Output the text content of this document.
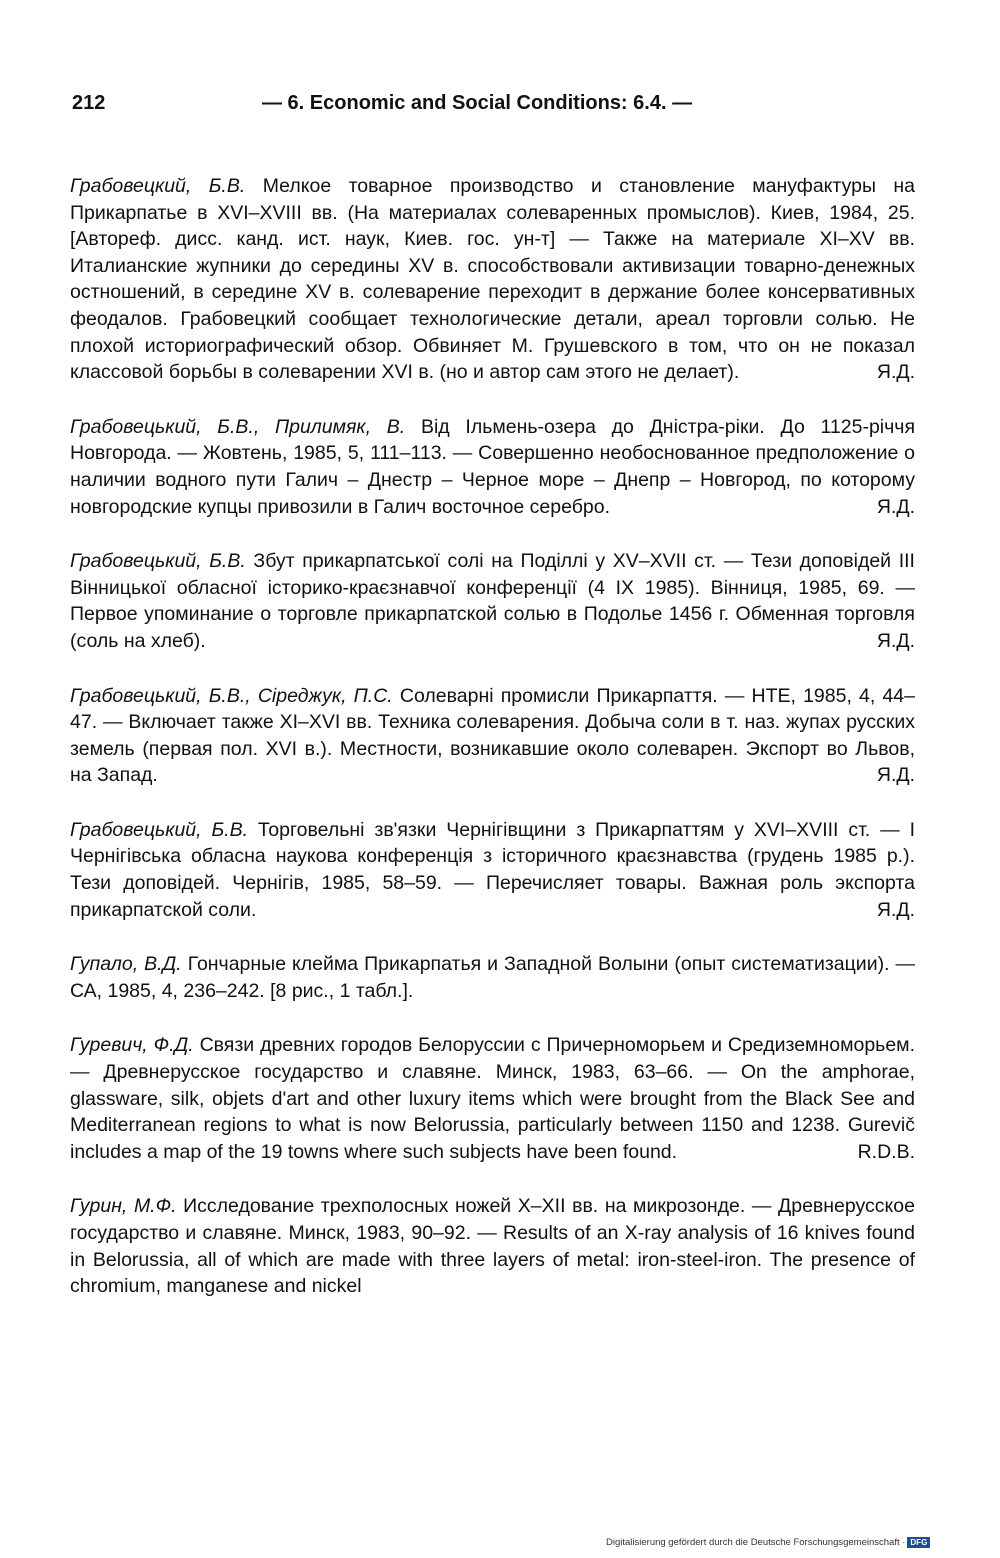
212	— 6. Economic and Social Conditions: 6.4. —

Грабовецкий, Б.В. Мелкое товарное производство и становление мануфактуры на Прикарпатье в XVI–XVIII вв. (На материалах солеваренных промыслов). Киев, 1984, 25. [Автореф. дисс. канд. ист. наук, Киев. гос. ун-т] — Также на материале XI–XV вв. Италианские жупники до середины XV в. способствовали активизации товарно-денежных остношений, в середине XV в. солеварение переходит в держание более консервативных феодалов. Грабовецкий сообщает технологические детали, ареал торговли солью. Не плохой историографический обзор. Обвиняет М. Грушевского в том, что он не показал классовой борьбы в солеварении XVI в. (но и автор сам этого не делает).	Я.Д.

Грабовецький, Б.В., Прилимяк, В. Від Ільмень-озера до Дністра-ріки. До 1125-річчя Новгорода. — Жовтень, 1985, 5, 111–113. — Совершенно необоснованное предположение о наличии водного пути Галич – Днестр – Черное море – Днепр – Новгород, по которому новгородские купцы привозили в Галич восточное серебро.	Я.Д.

Грабовецький, Б.В. Збут прикарпатської солі на Поділлі у XV–XVII ст. — Тези доповідей III Вінницької обласної історико-краєзнавчої конференції (4 IX 1985). Вінниця, 1985, 69. — Первое упоминание о торговле прикарпатской солью в Подолье 1456 г. Обменная торговля (соль на хлеб).	Я.Д.

Грабовецький, Б.В., Сіреджук, П.С. Солеварні промисли Прикарпаття. — НТЕ, 1985, 4, 44–47. — Включает также XI–XVI вв. Техника солеварения. Добыча соли в т. наз. жупах русских земель (первая пол. XVI в.). Местности, возникавшие около солеварен. Экспорт во Львов, на Запад.	Я.Д.

Грабовецький, Б.В. Торговельні зв'язки Чернігівщини з Прикарпаттям у XVI–XVIII ст. — I Чернігівська обласна наукова конференція з історичного краєзнавства (грудень 1985 р.). Тези доповідей. Чернігів, 1985, 58–59. — Перечисляет товары. Важная роль экспорта прикарпатской соли.	Я.Д.

Гупало, В.Д. Гончарные клейма Прикарпатья и Западной Волыни (опыт систематизации). — СА, 1985, 4, 236–242. [8 рис., 1 табл.].

Гуревич, Ф.Д. Связи древних городов Белоруссии с Причерноморьем и Средиземноморьем. — Древнерусское государство и славяне. Минск, 1983, 63–66. — On the amphorae, glassware, silk, objets d'art and other luxury items which were brought from the Black See and Mediterranean regions to what is now Belorussia, particularly between 1150 and 1238. Gurevič includes a map of the 19 towns where such subjects have been found.	R.D.B.

Гурин, М.Ф. Исследование трехполосных ножей X–XII вв. на микрозонде. — Древнерусское государство и славяне. Минск, 1983, 90–92. — Results of an X-ray analysis of 16 knives found in Belorussia, all of which are made with three layers of metal: iron-steel-iron. The presence of chromium, manganese and nickel

Digitalisierung gefördert durch die Deutsche Forschungsgemeinschaft · DFG
